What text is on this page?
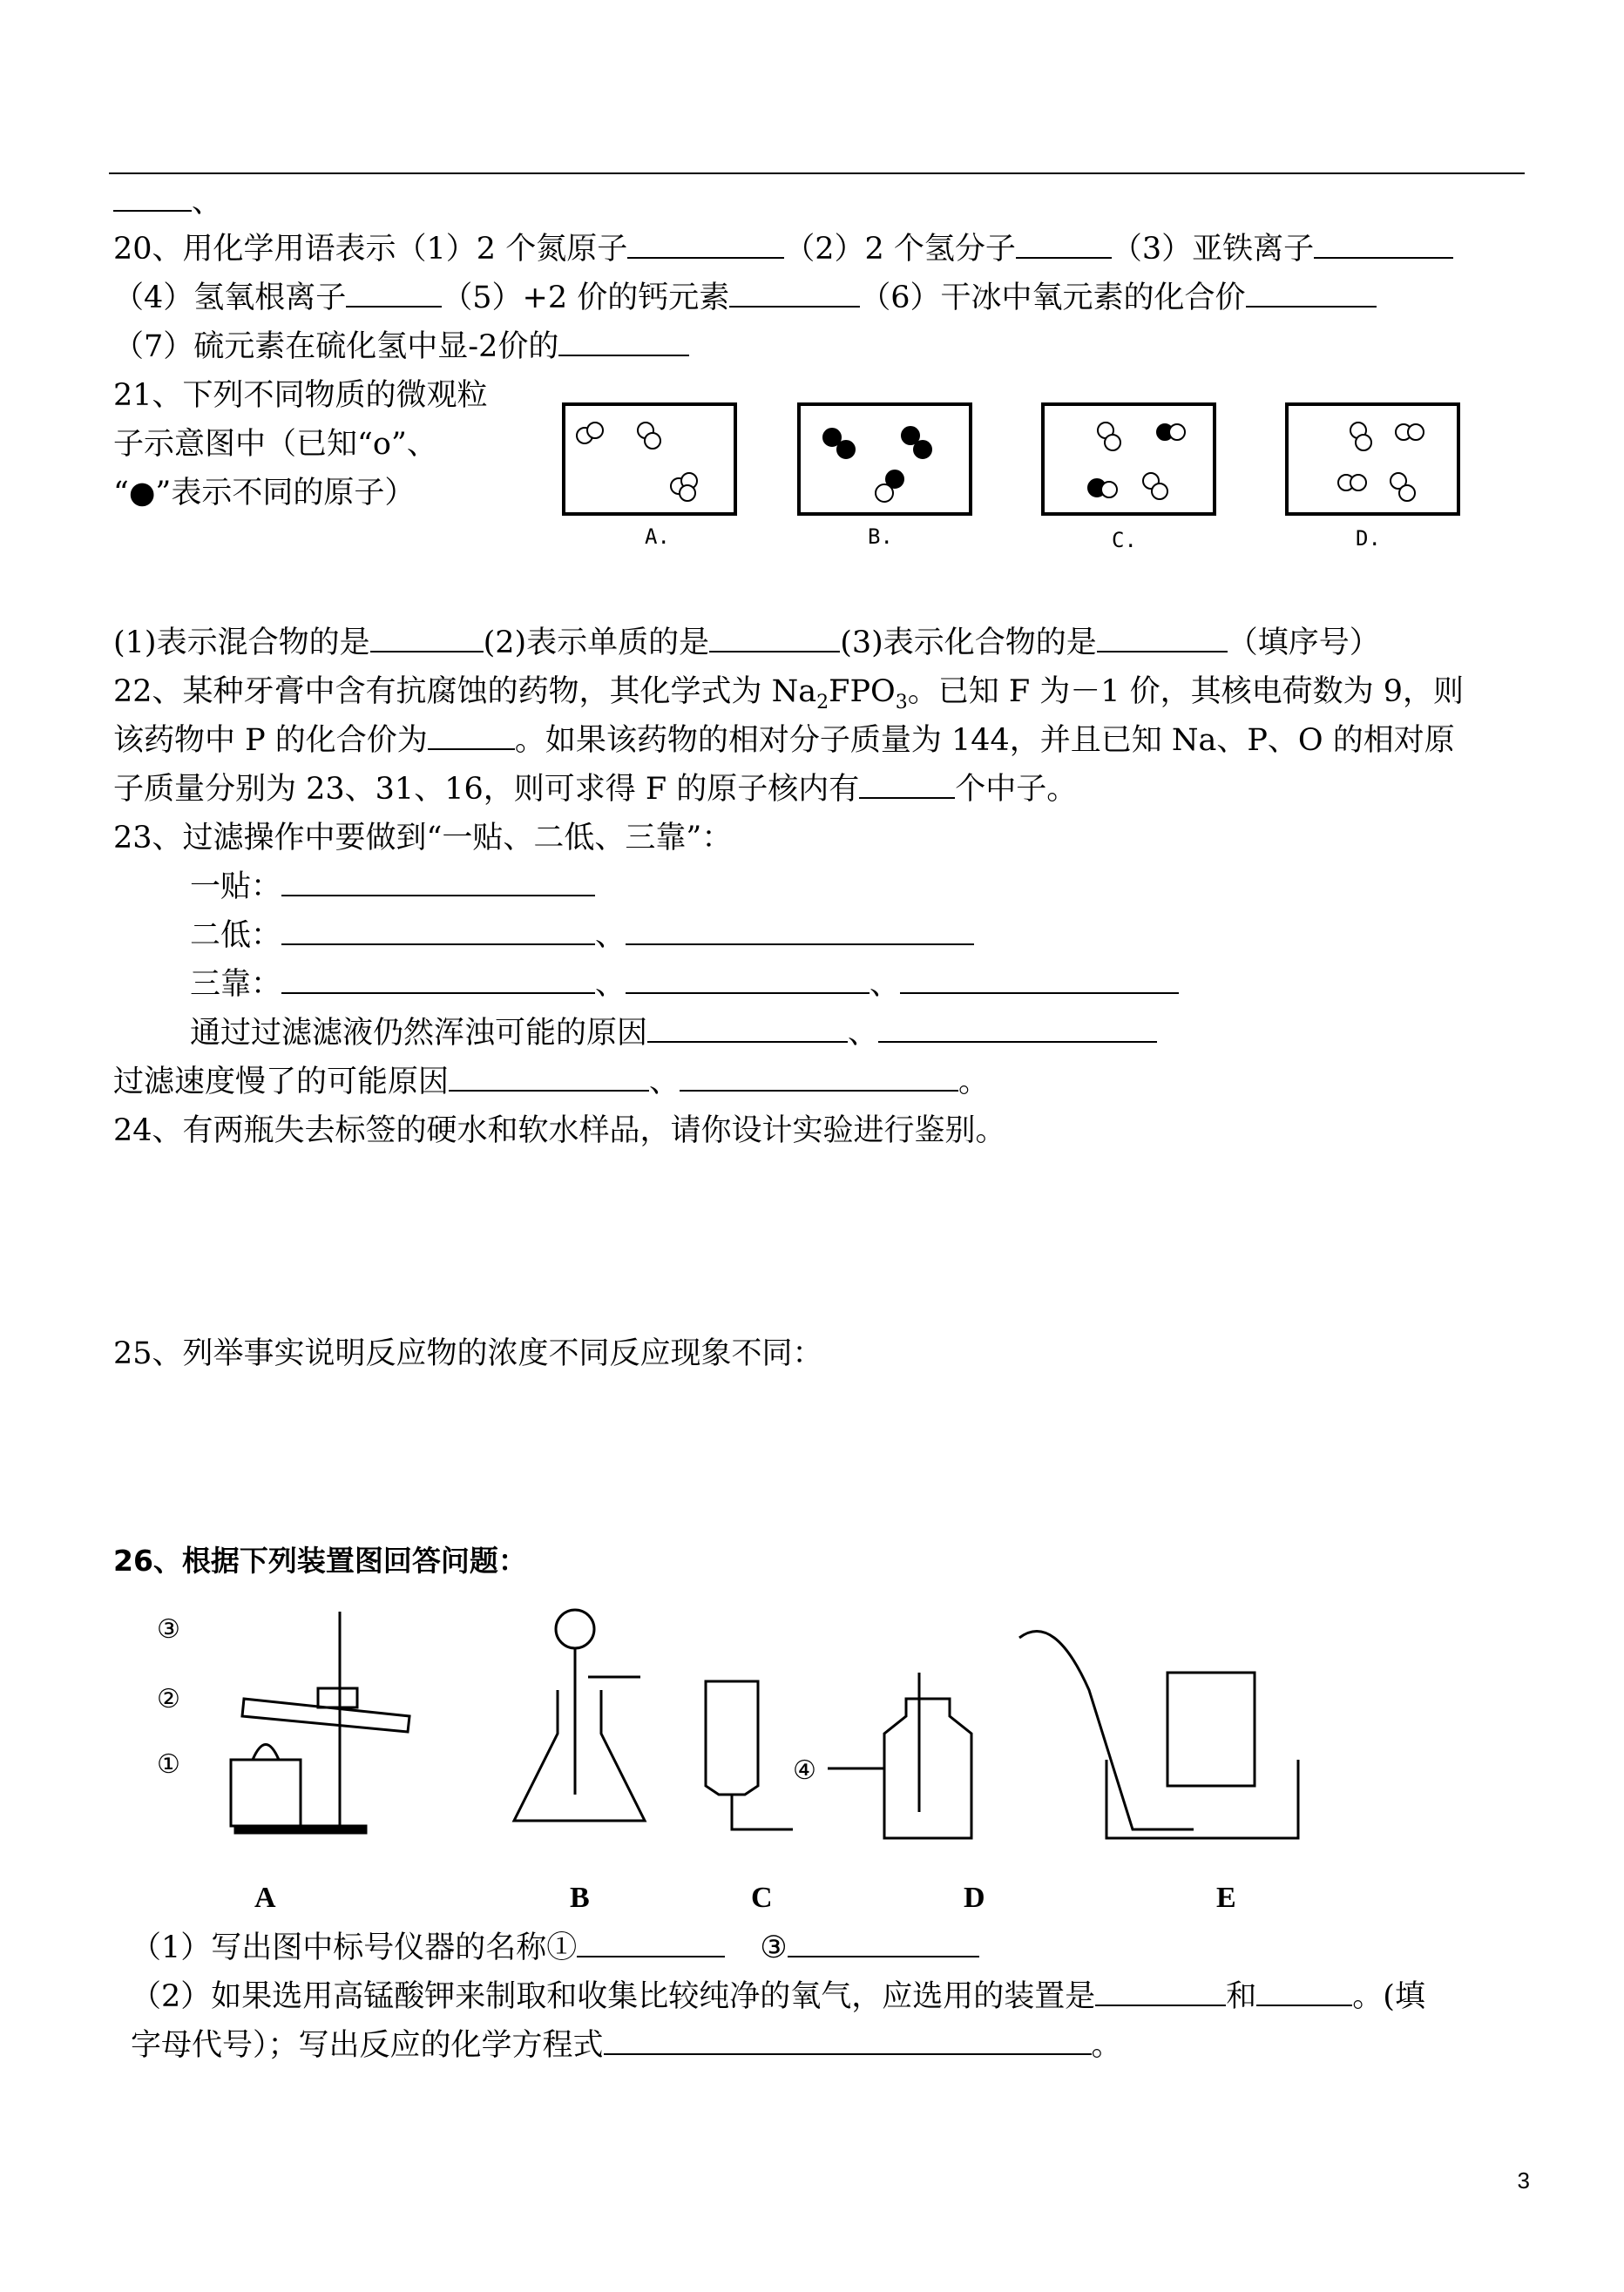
、
20、用化学用语表示（1）2 个氮原子	（2）2 个氢分子	（3）亚铁离子
（4）氢氧根离子	（5）+2 价的钙元素	（6）干冰中氧元素的化合价
（7）硫元素在硫化氢中显-2价的
21、下列不同物质的微观粒
子示意图中（已知“o”、
“●”表示不同的原子）
A.	B.	C.	D.
(1)表示混合物的是	(2)表示单质的是	(3)表示化合物的是	（填序号）
22、某种牙膏中含有抗腐蚀的药物，其化学式为 $Na_2FPO_3$。已知 F 为－1 价，其核电荷数为 9，则
该药物中 P 的化合价为	。如果该药物的相对分子质量为 144，并且已知 Na、P、O 的相对原
子质量分别为 23、31、16，则可求得 F 的原子核内有	个中子。
23、过滤操作中要做到“一贴、二低、三靠”：
一贴：
二低：	、
三靠：	、	、
通过过滤滤液仍然浑浊可能的原因	、
过滤速度慢了的可能原因	、	。
24、有两瓶失去标签的硬水和软水样品，请你设计实验进行鉴别。
25、列举事实说明反应物的浓度不同反应现象不同：
26、根据下列装置图回答问题：
③
②
①	④
A	B	C	D	E
（1）写出图中标号仪器的名称①	③
（2）如果选用高锰酸钾来制取和收集比较纯净的氧气，应选用的装置是	和	。(填
字母代号）；写出反应的化学方程式	。
3
